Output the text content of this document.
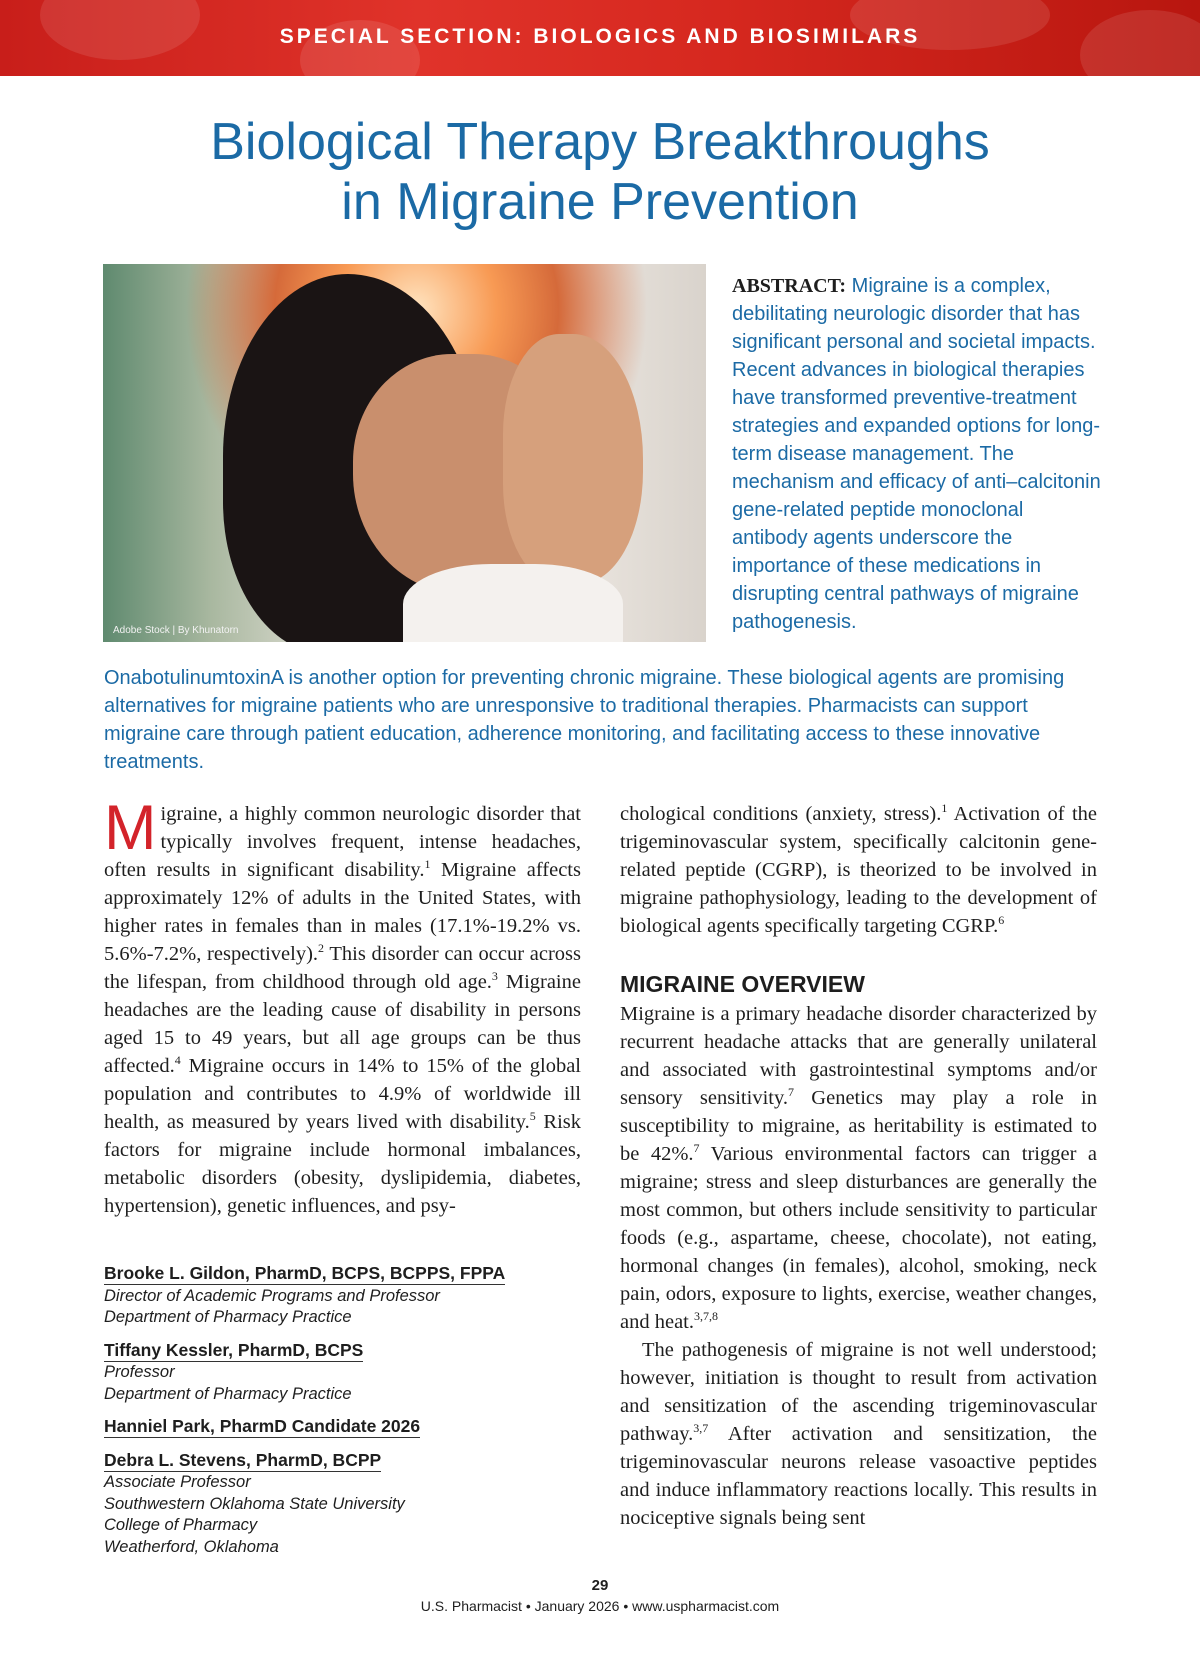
SPECIAL SECTION: BIOLOGICS AND BIOSIMILARS
Biological Therapy Breakthroughs
in Migraine Prevention
Adobe Stock | By Khunatorn
ABSTRACT: Migraine is a complex, debilitating neurologic disorder that has significant personal and societal impacts. Recent advances in biological therapies have transformed preventive-treatment strategies and expanded options for long-term disease management. The mechanism and efficacy of anti–calcitonin gene-related peptide monoclonal antibody agents underscore the importance of these medications in disrupting central pathways of migraine pathogenesis.
OnabotulinumtoxinA is another option for preventing chronic migraine. These biological agents are promising alternatives for migraine patients who are unresponsive to traditional therapies. Pharmacists can support migraine care through patient education, adherence monitoring, and facilitating access to these innovative treatments.
Migraine, a highly common neurologic disorder that typically involves frequent, intense headaches, often results in significant disability.$^1$ Migraine affects approximately 12% of adults in the United States, with higher rates in females than in males (17.1%-19.2% vs. 5.6%-7.2%, respectively).$^2$ This disorder can occur across the lifespan, from childhood through old age.$^3$ Migraine headaches are the leading cause of disability in persons aged 15 to 49 years, but all age groups can be thus affected.$^4$ Migraine occurs in 14% to 15% of the global population and contributes to 4.9% of worldwide ill health, as measured by years lived with disability.$^5$ Risk factors for migraine include hormonal imbalances, metabolic disorders (obesity, dyslipidemia, diabetes, hypertension), genetic influences, and psy-
Brooke L. Gildon, PharmD, BCPS, BCPPS, FPPA
Director of Academic Programs and Professor
Department of Pharmacy Practice
Tiffany Kessler, PharmD, BCPS
Professor
Department of Pharmacy Practice
Hanniel Park, PharmD Candidate 2026
Debra L. Stevens, PharmD, BCPP
Associate Professor
Southwestern Oklahoma State University
College of Pharmacy
Weatherford, Oklahoma
chological conditions (anxiety, stress).$^1$ Activation of the trigeminovascular system, specifically calcitonin gene-related peptide (CGRP), is theorized to be involved in migraine pathophysiology, leading to the development of biological agents specifically targeting CGRP.$^6$
MIGRAINE OVERVIEW
Migraine is a primary headache disorder characterized by recurrent headache attacks that are generally unilateral and associated with gastrointestinal symptoms and/or sensory sensitivity.$^7$ Genetics may play a role in susceptibility to migraine, as heritability is estimated to be 42%.$^7$ Various environmental factors can trigger a migraine; stress and sleep disturbances are generally the most common, but others include sensitivity to particular foods (e.g., aspartame, cheese, chocolate), not eating, hormonal changes (in females), alcohol, smoking, neck pain, odors, exposure to lights, exercise, weather changes, and heat.$^{3,7,8}$
The pathogenesis of migraine is not well understood; however, initiation is thought to result from activation and sensitization of the ascending trigeminovascular pathway.$^{3,7}$ After activation and sensitization, the trigeminovascular neurons release vasoactive peptides and induce inflammatory reactions locally. This results in nociceptive signals being sent
29
U.S. Pharmacist • January 2026 • www.uspharmacist.com
